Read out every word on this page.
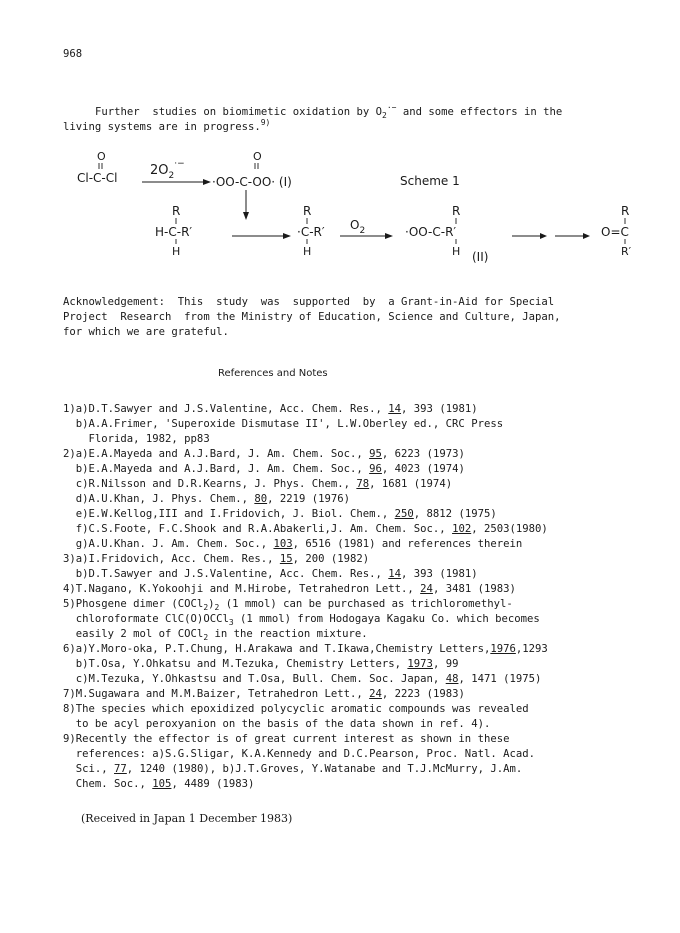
968
Further  studies on biomimetic oxidation by $O_2^{\cdot-}$ and some effectors in the
living systems are in progress.$^{9)}$
O
Cl-C-Cl	$2O_2^{\cdot-}$
O
·OO-C-OO· (I)	Scheme 1
R
H-C-R′
H
R
·C-R′
H
$O_2$
R
·OO-C-R′
H (II)
R
O=C
R′
Acknowledgement:  This  study  was  supported  by  a Grant-in-Aid for Special
Project  Research  from the Ministry of Education, Science and Culture, Japan,
for which we are grateful.
References and Notes
1)a)D.T.Sawyer and J.S.Valentine, Acc. Chem. Res., 14, 393 (1981)
b)A.A.Frimer, 'Superoxide Dismutase II', L.W.Oberley ed., CRC Press
Florida, 1982, pp83
2)a)E.A.Mayeda and A.J.Bard, J. Am. Chem. Soc., 95, 6223 (1973)
b)E.A.Mayeda and A.J.Bard, J. Am. Chem. Soc., 96, 4023 (1974)
c)R.Nilsson and D.R.Kearns, J. Phys. Chem., 78, 1681 (1974)
d)A.U.Khan, J. Phys. Chem., 80, 2219 (1976)
e)E.W.Kellog,III and I.Fridovich, J. Biol. Chem., 250, 8812 (1975)
f)C.S.Foote, F.C.Shook and R.A.Abakerli,J. Am. Chem. Soc., 102, 2503(1980)
g)A.U.Khan. J. Am. Chem. Soc., 103, 6516 (1981) and references therein
3)a)I.Fridovich, Acc. Chem. Res., 15, 200 (1982)
b)D.T.Sawyer and J.S.Valentine, Acc. Chem. Res., 14, 393 (1981)
4)T.Nagano, K.Yokoohji and M.Hirobe, Tetrahedron Lett., 24, 3481 (1983)
5)Phosgene dimer $(COCl_2)_2$ (1 mmol) can be purchased as trichloromethyl-
chloroformate ClC(O)OCCl$_3$ (1 mmol) from Hodogaya Kagaku Co. which becomes
easily 2 mol of COCl$_2$ in the reaction mixture.
6)a)Y.Moro-oka, P.T.Chung, H.Arakawa and T.Ikawa,Chemistry Letters,1976,1293
b)T.Osa, Y.Ohkatsu and M.Tezuka, Chemistry Letters, 1973, 99
c)M.Tezuka, Y.Ohkastsu and T.Osa, Bull. Chem. Soc. Japan, 48, 1471 (1975)
7)M.Sugawara and M.M.Baizer, Tetrahedron Lett., 24, 2223 (1983)
8)The species which epoxidized polycyclic aromatic compounds was revealed
to be acyl peroxyanion on the basis of the data shown in ref. 4).
9)Recently the effector is of great current interest as shown in these
references: a)S.G.Sligar, K.A.Kennedy and D.C.Pearson, Proc. Natl. Acad.
Sci., 77, 1240 (1980), b)J.T.Groves, Y.Watanabe and T.J.McMurry, J.Am.
Chem. Soc., 105, 4489 (1983)
(Received in Japan 1 December 1983)
